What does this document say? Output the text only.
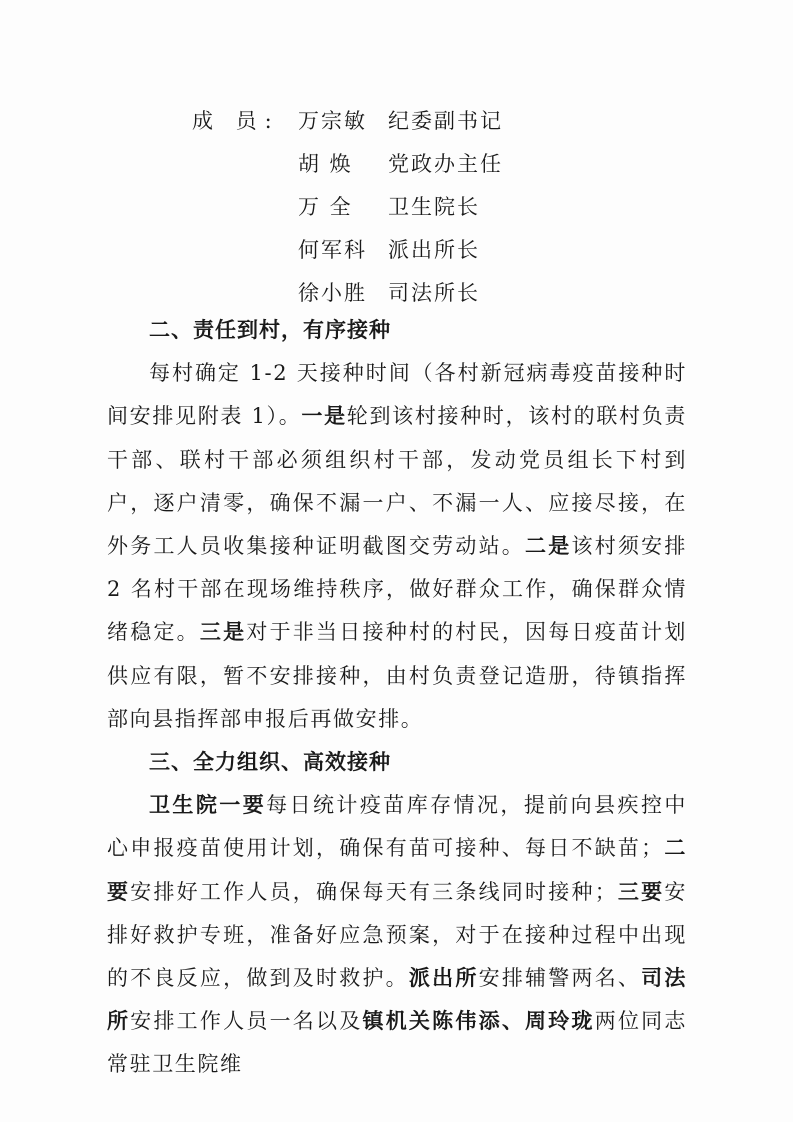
成 员: 万宗敏	纪委副书记
胡 焕	党政办主任
万 全	卫生院长
何军科	派出所长
徐小胜	司法所长
二、责任到村，有序接种

每村确定 1-2 天接种时间（各村新冠病毒疫苗接种时间安排见附表 1）。一是轮到该村接种时，该村的联村负责干部、联村干部必须组织村干部，发动党员组长下村到户，逐户清零，确保不漏一户、不漏一人、应接尽接，在外务工人员收集接种证明截图交劳动站。二是该村须安排 2 名村干部在现场维持秩序，做好群众工作，确保群众情绪稳定。三是对于非当日接种村的村民，因每日疫苗计划供应有限，暂不安排接种，由村负责登记造册，待镇指挥部向县指挥部申报后再做安排。

三、全力组织、高效接种

卫生院一要每日统计疫苗库存情况，提前向县疾控中心申报疫苗使用计划，确保有苗可接种、每日不缺苗；二要安排好工作人员，确保每天有三条线同时接种；三要安排好救护专班，准备好应急预案，对于在接种过程中出现的不良反应，做到及时救护。派出所安排辅警两名、司法所安排工作人员一名以及镇机关陈伟添、周玲珑两位同志常驻卫生院维
